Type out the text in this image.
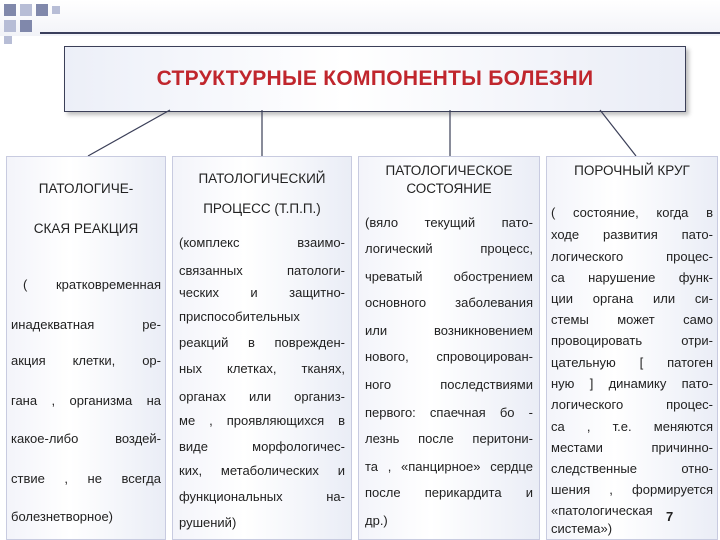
СТРУКТУРНЫЕ КОМПОНЕНТЫ БОЛЕЗНИ
ПАТОЛОГИЧЕ-
СКАЯ РЕАКЦИЯ
( кратковременная
инадекватная	ре-
акция клетки, ор-
гана , организма на
какое-либо	воздей-
ствие , не всегда
болезнетворное)
ПАТОЛОГИЧЕСКИЙ
ПРОЦЕСС (Т.П.П.)
(комплекс	взаимо-
связанных	патологи-
ческих и защитно-
приспособительных
реакций в поврежден-
ных клетках, тканях,
органах или организ-
ме , проявляющихся в
виде	морфологичес-
ких, метаболических и
функциональных	на-
рушений)
ПАТОЛОГИЧЕСКОЕ
СОСТОЯНИЕ
(вяло текущий пато-
логический	процесс,
чреватый обострением
основного заболевания
или	возникновением
нового, спровоцирован-
ного	последствиями
первого: спаечная бо -
лезнь после перитони-
та , «панцирное» сердце
после перикардита и
др.)
ПОРОЧНЫЙ КРУГ
( состояние, когда в
ходе развития пато-
логического	процес-
са нарушение функ-
ции органа или си-
стемы может само
провоцировать	отри-
цательную [ патоген
ную ] динамику пато-
логического	процес-
са , т.е. меняются
местами	причинно-
следственные	отно-
шения , формируется
«патологическая
система»)
7
